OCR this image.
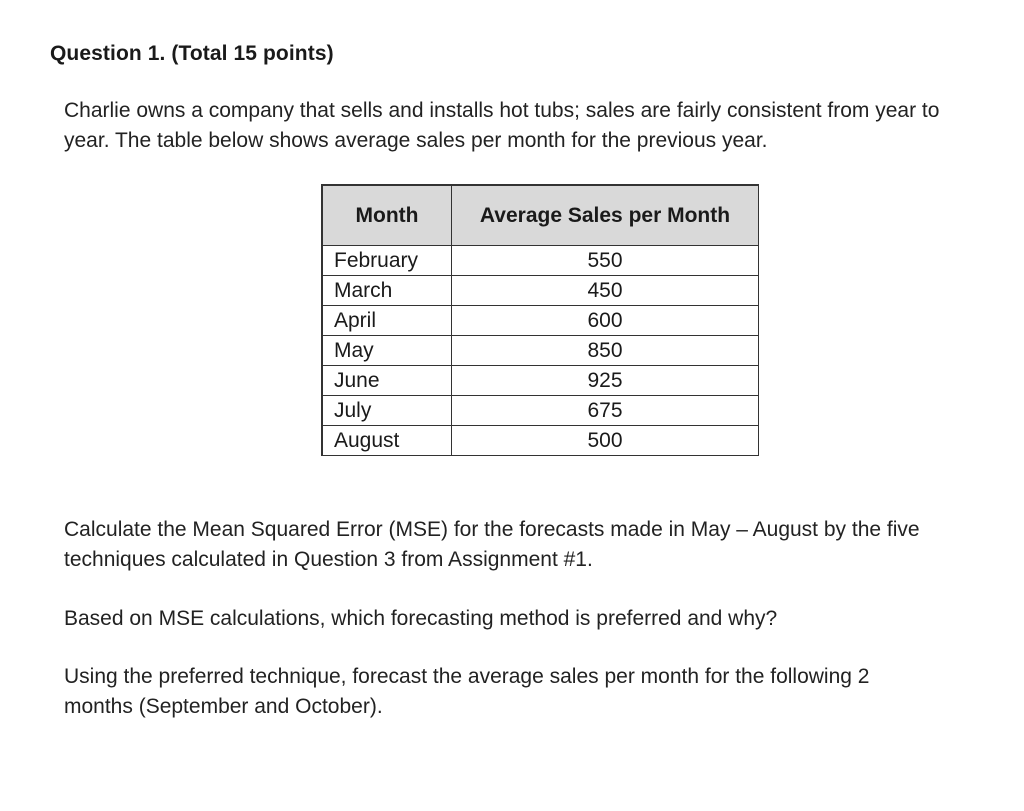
Question 1. (Total 15 points)

Charlie owns a company that sells and installs hot tubs; sales are fairly consistent from year to year. The table below shows average sales per month for the previous year.

Month	Average Sales per Month
February	550
March	450
April	600
May	850
June	925
July	675
August	500

Calculate the Mean Squared Error (MSE) for the forecasts made in May – August by the five techniques calculated in Question 3 from Assignment #1.

Based on MSE calculations, which forecasting method is preferred and why?

Using the preferred technique, forecast the average sales per month for the following 2 months (September and October).
